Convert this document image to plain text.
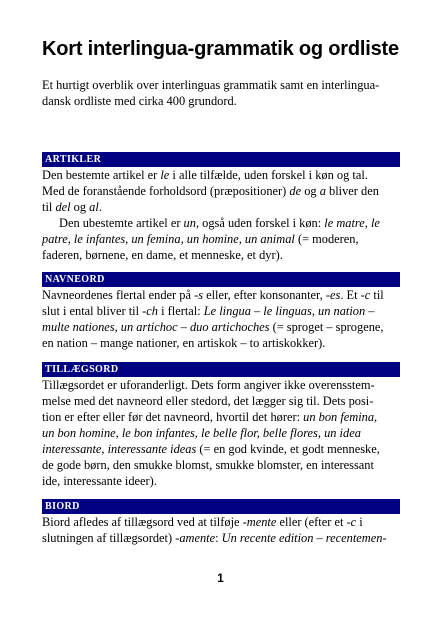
Kort interlingua-grammatik og ordliste
Et hurtigt overblik over interlinguas grammatik samt en interlingua-
dansk ordliste med cirka 400 grundord.
ARTIKLER
Den bestemte artikel er le i alle tilfælde, uden forskel i køn og tal.
Med de foranstående forholdsord (præpositioner) de og a bliver den
til del og al.
Den ubestemte artikel er un, også uden forskel i køn: le matre, le
patre, le infantes, un femina, un homine, un animal (= moderen,
faderen, børnene, en dame, et menneske, et dyr).
NAVNEORD
Navneordenes flertal ender på -s eller, efter konsonanter, -es. Et -c til
slut i ental bliver til -ch i flertal: Le lingua – le linguas, un nation –
multe nationes, un artichoc – duo artichoches (= sproget – sprogene,
en nation – mange nationer, en artiskok – to artiskokker).
TILLÆGSORD
Tillægsordet er uforanderligt. Dets form angiver ikke overensstem-
melse med det navneord eller stedord, det lægger sig til. Dets posi-
tion er efter eller før det navneord, hvortil det hører: un bon femina,
un bon homine, le bon infantes, le belle flor, belle flores, un idea
interessante, interessante ideas (= en god kvinde, et godt menneske,
de gode børn, den smukke blomst, smukke blomster, en interessant
ide, interessante ideer).
BIORD
Biord afledes af tillægsord ved at tilføje -mente eller (efter et -c i
slutningen af tillægsordet) -amente: Un recente edition – recentemen-
1
